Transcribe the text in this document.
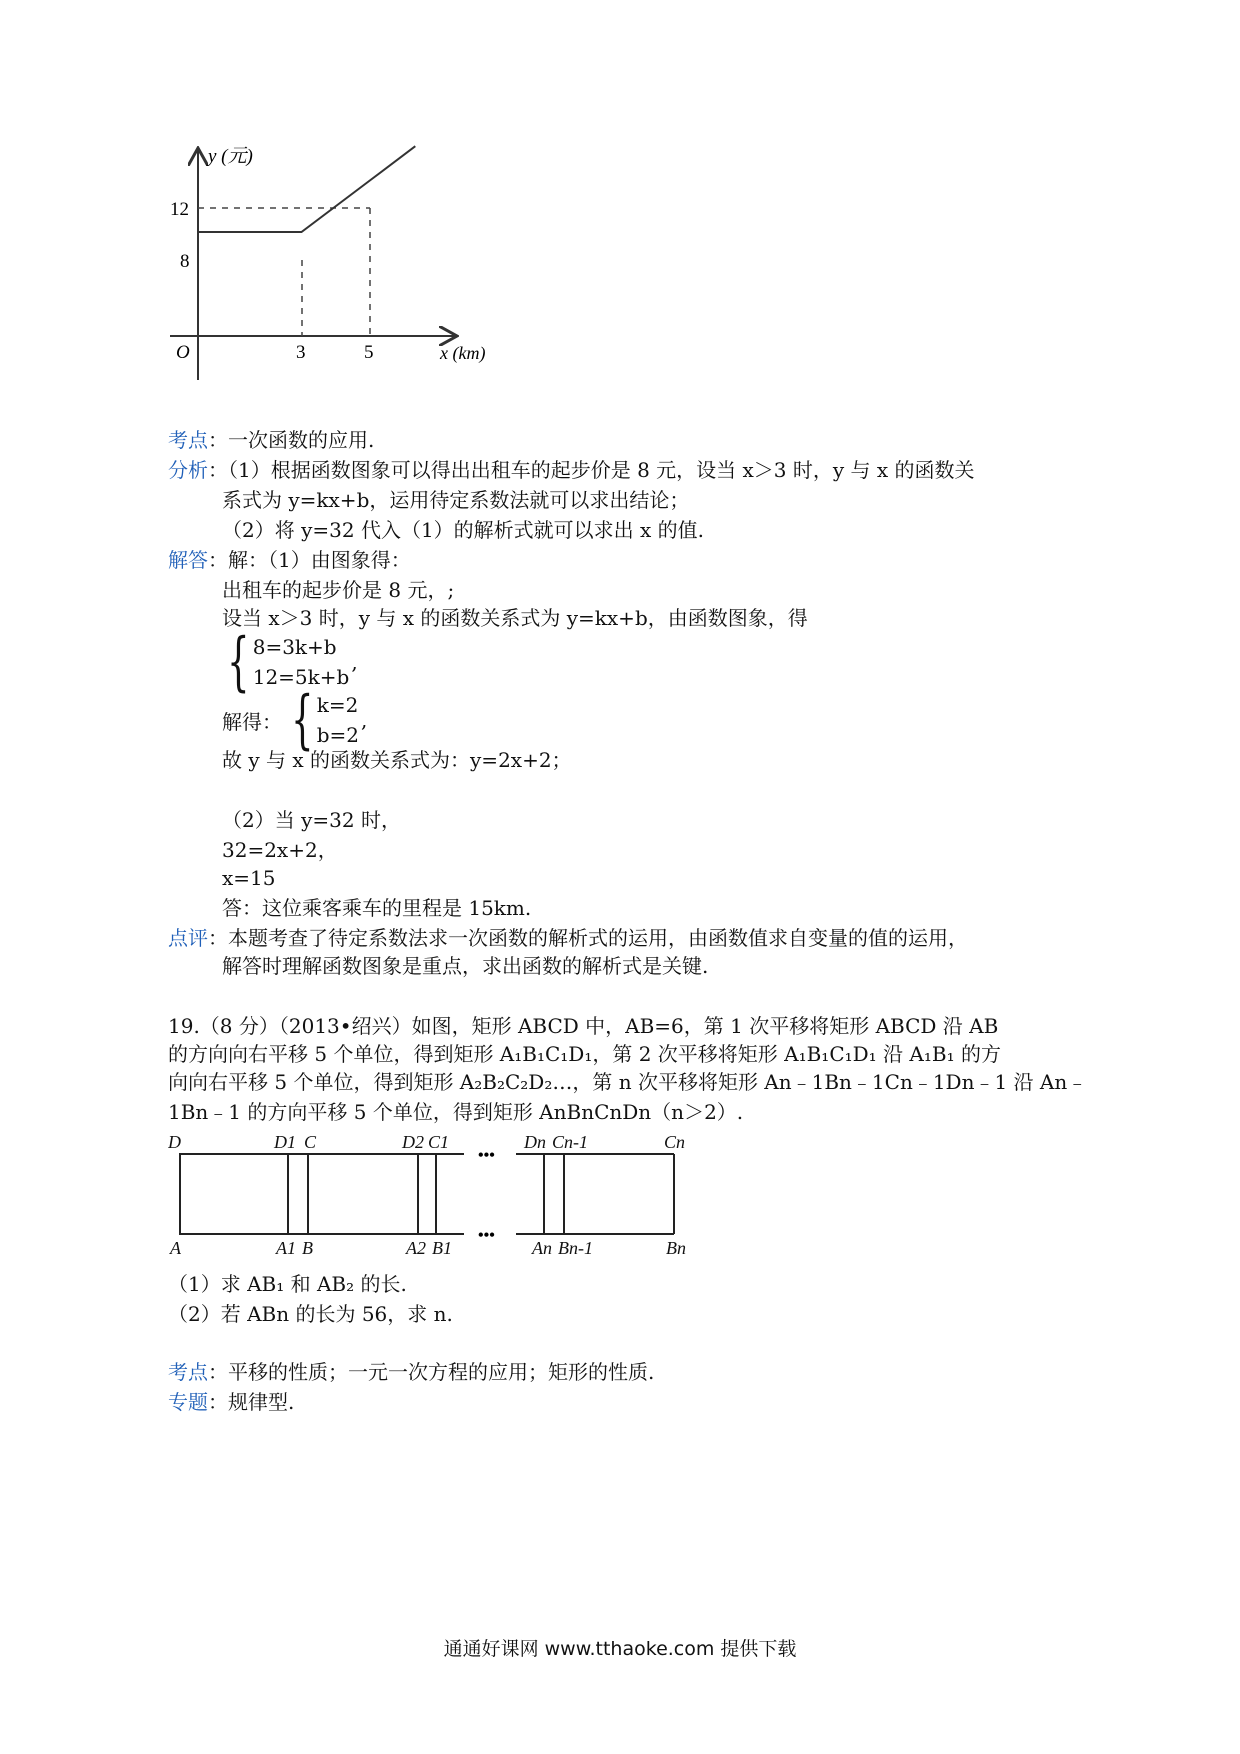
y (元)
x (km)
O
12
8
3	5
考点：一次函数的应用.
分析：（1）根据函数图象可以得出出租车的起步价是 8 元，设当 x＞3 时，y 与 x 的函数关
系式为 y=kx+b，运用待定系数法就可以求出结论；
（2）将 y=32 代入（1）的解析式就可以求出 x 的值.
解答：解：（1）由图象得：
出租车的起步价是 8 元，;
设当 x＞3 时，y 与 x 的函数关系式为 y=kx+b，由函数图象，得
{ 8=3k+b
12=5k+b
,
解得： { k=2
b=2
,
故 y 与 x 的函数关系式为：y=2x+2；
（2）当 y=32 时，
32=2x+2，
x=15
答：这位乘客乘车的里程是 15km.
点评：本题考查了待定系数法求一次函数的解析式的运用，由函数值求自变量的值的运用，
解答时理解函数图象是重点，求出函数的解析式是关键.
19.（8 分）（2013•绍兴）如图，矩形 ABCD 中，AB=6，第 1 次平移将矩形 ABCD 沿 AB
的方向向右平移 5 个单位，得到矩形 A₁B₁C₁D₁，第 2 次平移将矩形 A₁B₁C₁D₁ 沿 A₁B₁ 的方
向向右平移 5 个单位，得到矩形 A₂B₂C₂D₂…，第 n 次平移将矩形 An﹣1Bn﹣1Cn﹣1Dn﹣1 沿 An﹣
1Bn﹣1 的方向平移 5 个单位，得到矩形 AnBnCnDn（n＞2）.
D	D1 C	D2 C1	Dn Cn-1	Cn
A	A1 B	A2 B1	An Bn-1	Bn
•••
•••
（1）求 AB₁ 和 AB₂ 的长.
（2）若 ABn 的长为 56，求 n.
考点：平移的性质；一元一次方程的应用；矩形的性质.
专题：规律型.
通通好课网 www.tthaoke.com 提供下载
